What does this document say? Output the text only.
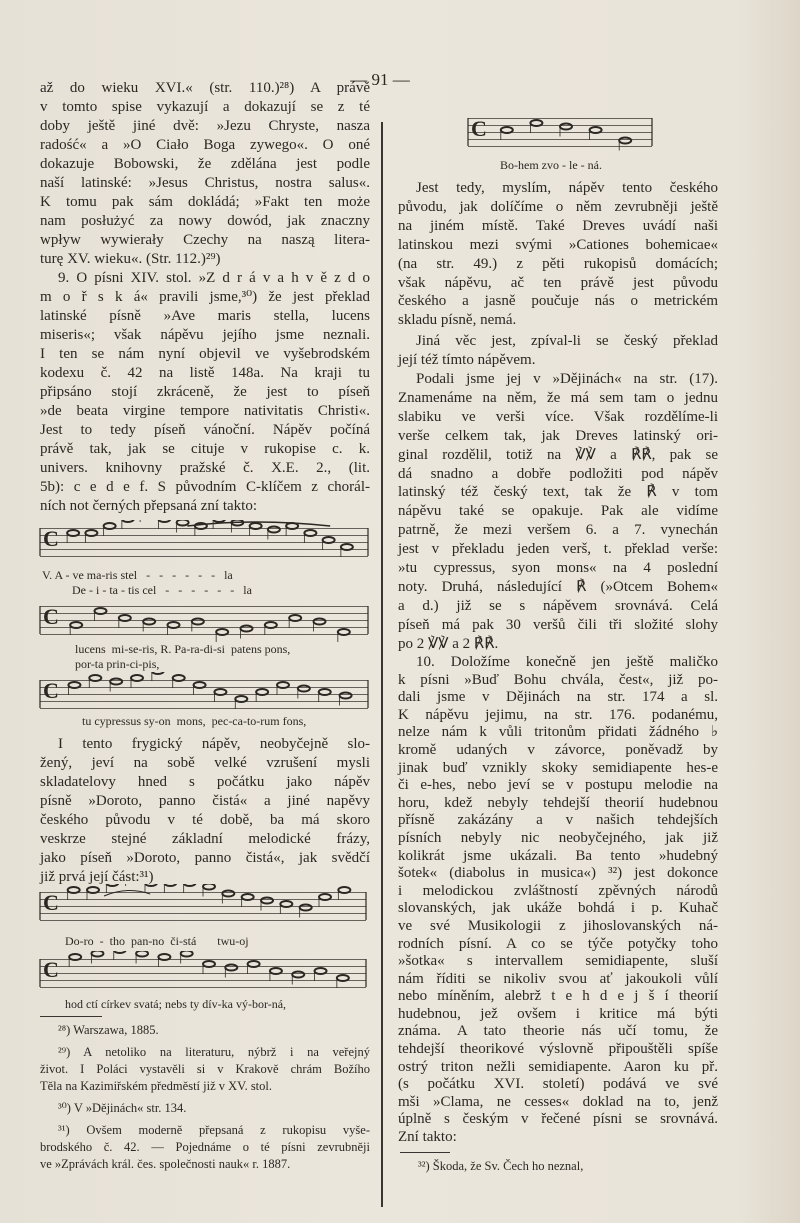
— 91 —
až do wieku XVI.« (str. 110.)²⁸) A právě
v tomto spise vykazují a dokazují se z té
doby ještě jiné dvě: »Jezu Chryste, nasza
radość« a »O Ciało Boga zywego«. O oné
dokazuje Bobowski, že zdělána jest podle
naší latinské: »Jesus Christus, nostra salus«.
K tomu pak sám dokládá; »Fakt ten może
nam posłużyć za nowy dowód, jak znaczny
wpływ wywierały Czechy na naszą litera-
turę XV. wieku«. (Str. 112.)²⁹)
9. O písni XIV. stol. »Z d r á v a h v ě z d o
m o ř s k á« pravili jsme,³⁰) že jest překlad
latinské písně »Ave maris stella, lucens
miseris«; však nápěvu jejího jsme neznali.
I ten se nám nyní objevil ve vyšebrodském
kodexu č. 42 na listě 148a. Na kraji tu
připsáno stojí zkráceně, že jest to píseň
»de beata virgine tempore nativitatis Christi«.
Jest to tedy píseň vánoční. Nápěv počíná
právě tak, jak se cituje v rukopise c. k.
univers. knihovny pražské č. X.E. 2., (lit.
5b): c e d e f. S původním C-klíčem z chorál-
ních not černých přepsaná zní takto:
C
V. A - ve ma-ris stel   -   -   -   -   -   -   la
De - i - ta - tis cel   -   -   -   -   -   -   la
C
lucens  mi-se-ris, R. Pa-ra-di-si  patens pons,
por-ta prin-ci-pis,
C
tu cypressus sy-on  mons,  pec-ca-to-rum fons,
I tento frygický nápěv, neobyčejně slo-
žený, jeví na sobě velké vzrušení mysli
skladatelovy hned s počátku jako nápěv
písně »Doroto, panno čistá« a jiné napěvy
českého původu v té době, ba má skoro
veskrze stejné základní melodické frázy,
jako píseň »Doroto, panno čistá«, jak svědčí
již prvá její část:³¹)
C
Do-ro  -  tho  pan-no  či-stá       twu-oj
C
hod ctí církev svatá; nebs ty dív-ka vý-bor-ná,
²⁸) Warszawa, 1885.
²⁹) A netoliko na literaturu, nýbrž i na veřejný
život. I Poláci vystavěli si v Krakově chrám Božího
Těla na Kazimiřském předměstí již v XV. stol.
³⁰) V »Dějinách« str. 134.
³¹) Ovšem moderně přepsaná z rukopisu vyše-
brodského č. 42. — Pojednáme o té písni zevrubněji
ve »Zprávách král. čes. společnosti nauk« r. 1887.
C
Bo-hem zvo - le - ná.
Jest tedy, myslím, nápěv tento českého
původu, jak dolíčíme o něm zevrubněji ještě
na jiném místě. Také Dreves uvádí naši
latinskou mezi svými »Cationes bohemicae«
(na str. 49.) z pěti rukopisů domácích;
však nápěvu, ač ten právě jest původu
českého a jasně poučuje nás o metrickém
skladu písně, nemá.
Jiná věc jest, zpíval-li se český překlad
její též tímto nápěvem.
Podali jsme jej v »Dějinách« na str. (17).
Znamenáme na něm, že má sem tam o jednu
slabiku ve verši více. Však rozdělíme-li
verše celkem tak, jak Dreves latinský ori-
ginal rozdělil, totiž na ℣℣ a ℟℟, pak se
dá snadno a dobře podložiti pod nápěv
latinský též český text, tak že ℟ v tom
nápěvu také se opakuje. Pak ale vidíme
patrně, že mezi veršem 6. a 7. vynechán
jest v překladu jeden verš, t. překlad verše:
»tu cypressus, syon mons« na 4 poslední
noty. Druhá, následující ℟ (»Otcem Bohem«
a d.) již se s nápěvem srovnává. Celá
píseň má pak 30 veršů čili tři složité slohy
po 2 ℣℣ a 2 ℟℟.
10. Doložíme konečně jen ještě maličko
k písni »Buď Bohu chvála, čest«, již po-
dali jsme v Dějinách na str. 174 a sl.
K nápěvu jejimu, na str. 176. podanému,
nelze nám k vůli tritonům přidati žádného ♭
kromě udaných v závorce, poněvadž by
jinak buď vznikly skoky semidiapente hes-e
či e-hes, nebo jeví se v postupu melodie na
horu, kdež nebyly tehdejší theorií hudebnou
přísně zakázány a v našich tehdejších
písních nebyly nic neobyčejného, jak již
kolikrát jsme ukázali. Ba tento »hudebný
šotek« (diabolus in musica«) ³²) jest dokonce
i melodickou zvláštností zpěvných národů
slovanských, jak ukáže bohdá i p. Kuhač
ve své Musikologii z jihoslovanských ná-
rodních písní. A co se týče potyčky toho
»šotka« s intervallem semidiapente, sluší
nám říditi se nikoliv svou ať jakoukoli vůlí
nebo míněním, alebrž t e h d e j š í theorií
hudebnou, jež ovšem i kritice má býti
známa. A tato theorie nás učí tomu, že
tehdejší theorikové výslovně připouštěli spíše
ostrý triton nežli semidiapente. Aaron ku př.
(s počátku XVI. století) podává ve své
mši »Clama, ne cesses« doklad na to, jenž
úplně s českým v řečené písni se srovnává.
Zní takto:
³²) Škoda, že Sv. Čech ho neznal,
